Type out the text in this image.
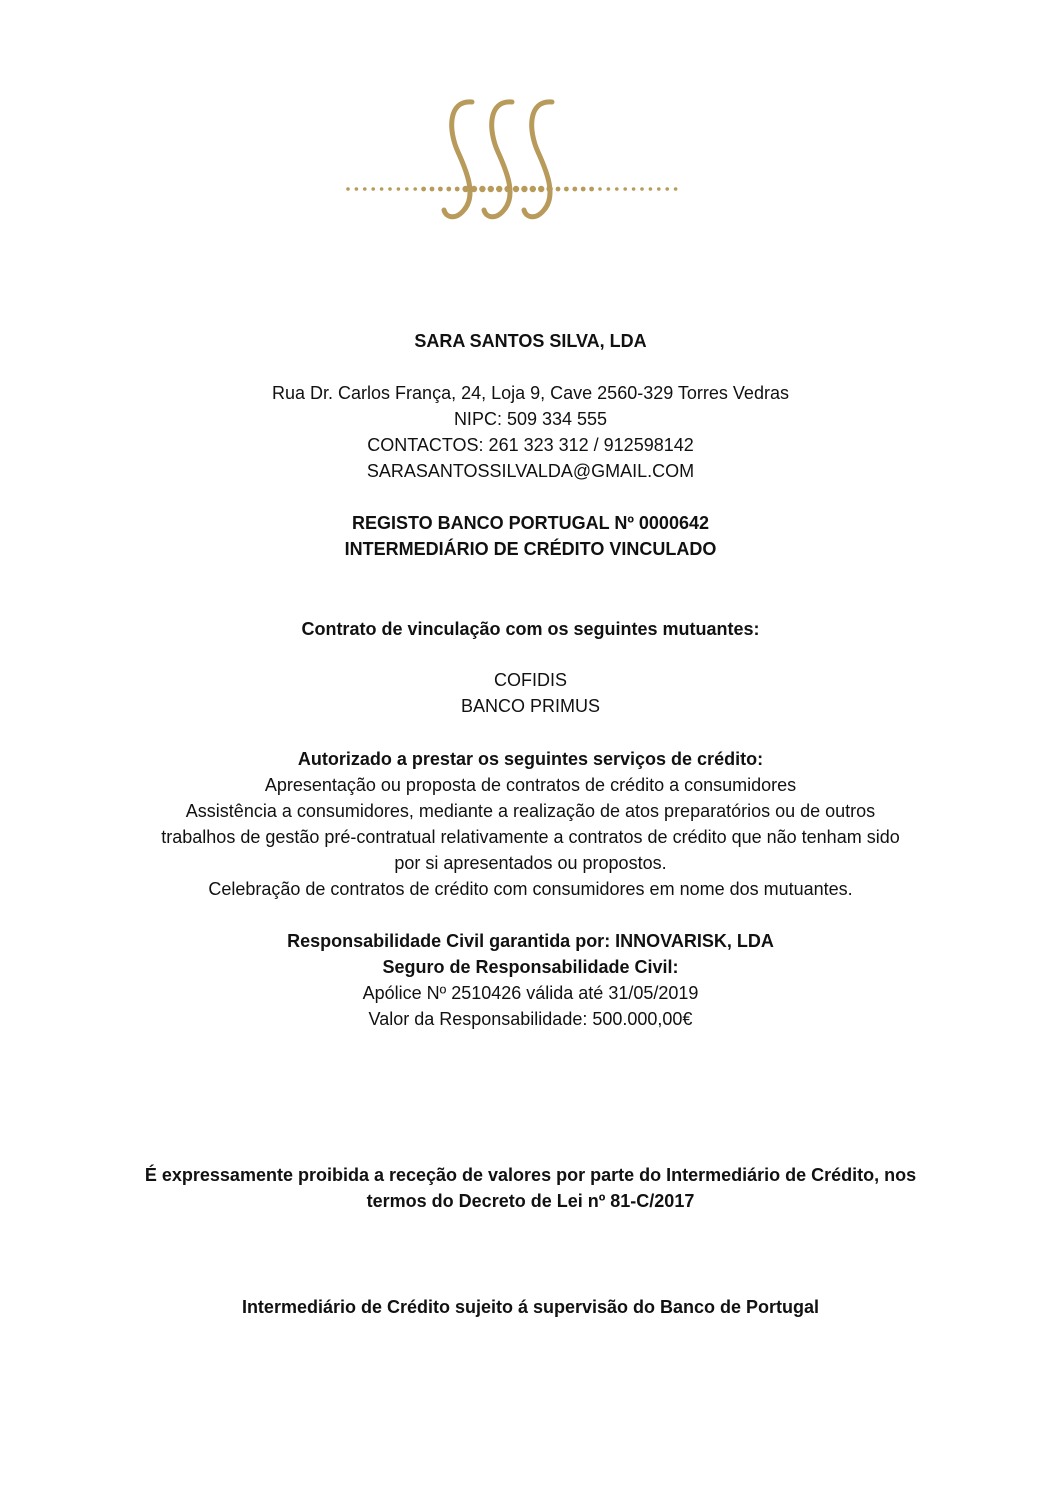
SARA SANTOS SILVA, LDA
Rua Dr. Carlos França, 24, Loja 9, Cave 2560-329 Torres Vedras
NIPC: 509 334 555
CONTACTOS: 261 323 312 / 912598142
SARASANTOSSILVALDA@GMAIL.COM
REGISTO BANCO PORTUGAL Nº 0000642
INTERMEDIÁRIO DE CRÉDITO VINCULADO
Contrato de vinculação com os seguintes mutuantes:
COFIDIS
BANCO PRIMUS
Autorizado a prestar os seguintes serviços de crédito:
Apresentação ou proposta de contratos de crédito a consumidores
Assistência a consumidores, mediante a realização de atos preparatórios ou de outros
trabalhos de gestão pré-contratual relativamente a contratos de crédito que não tenham sido
por si apresentados ou propostos.
Celebração de contratos de crédito com consumidores em nome dos mutuantes.
Responsabilidade Civil garantida por: INNOVARISK, LDA
Seguro de Responsabilidade Civil:
Apólice Nº 2510426 válida até 31/05/2019
Valor da Responsabilidade: 500.000,00€
É expressamente proibida a receção de valores por parte do Intermediário de Crédito, nos
termos do Decreto de Lei nº 81-C/2017
Intermediário de Crédito sujeito á supervisão do Banco de Portugal
